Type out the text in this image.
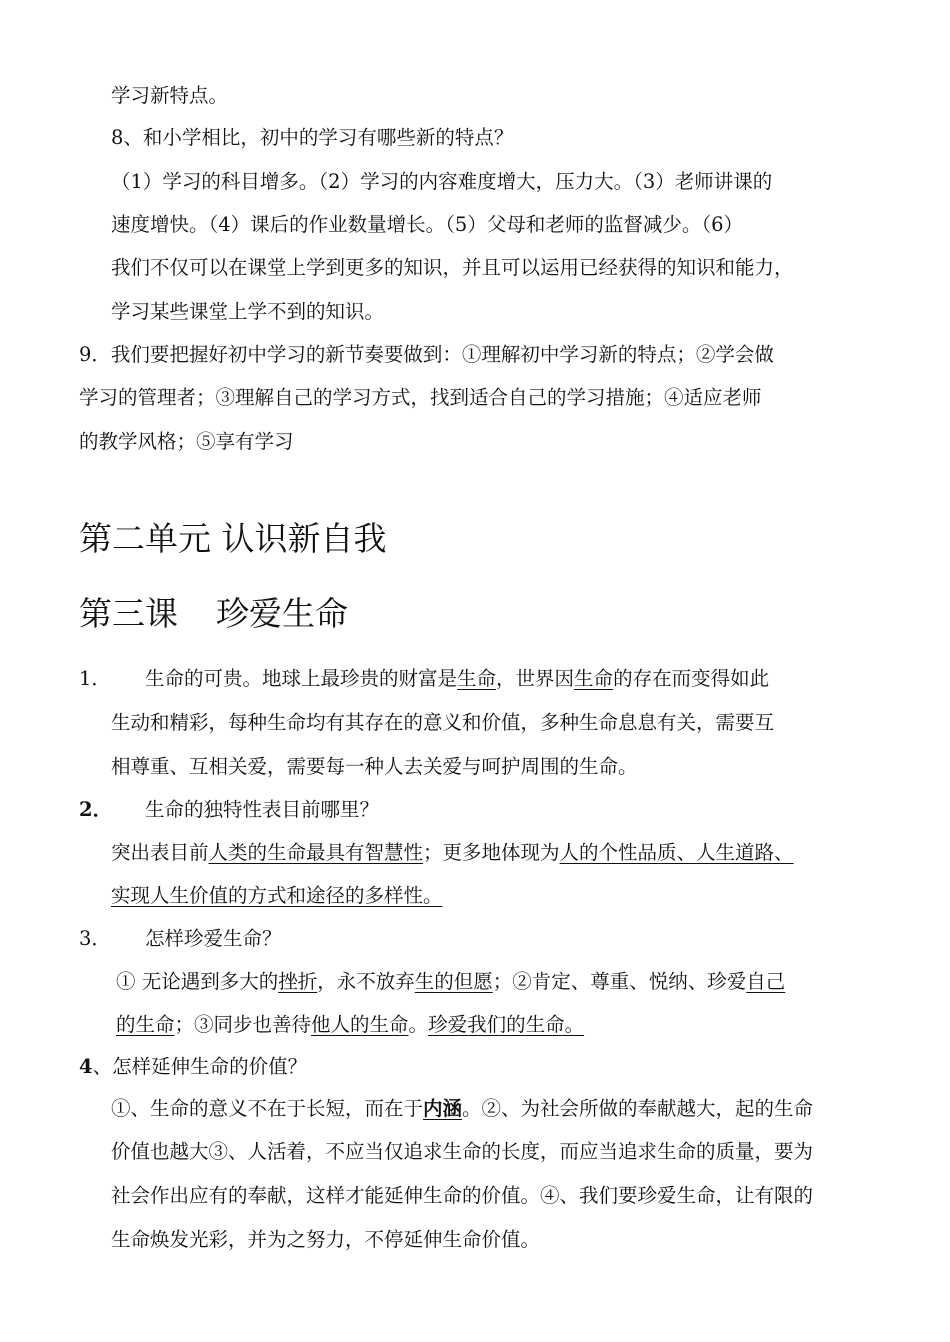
学习新特点。
8、和小学相比，初中的学习有哪些新的特点？
（1）学习的科目增多。（2）学习的内容难度增大，压力大。（3）老师讲课的
速度增快。（4）课后的作业数量增长。（5）父母和老师的监督减少。（6）
我们不仅可以在课堂上学到更多的知识，并且可以运用已经获得的知识和能力，
学习某些课堂上学不到的知识。
9．我们要把握好初中学习的新节奏要做到：①理解初中学习新的特点；②学会做
学习的管理者；③理解自己的学习方式，找到适合自己的学习措施；④适应老师
的教学风格；⑤享有学习
第二单元 认识新自我
第三课 珍爱生命
1． 生命的可贵。地球上最珍贵的财富是生命，世界因生命的存在而变得如此
生动和精彩，每种生命均有其存在的意义和价值，多种生命息息有关，需要互
相尊重、互相关爱，需要每一种人去关爱与呵护周围的生命。
2． 生命的独特性表目前哪里？
突出表目前人类的生命最具有智慧性；更多地体现为人的个性品质、人生道路、
实现人生价值的方式和途径的多样性。
3． 怎样珍爱生命？
① 无论遇到多大的挫折，永不放弃生的但愿；②肯定、尊重、悦纳、珍爱自己
的生命；③同步也善待他人的生命。珍爱我们的生命。
4、怎样延伸生命的价值？
①、生命的意义不在于长短，而在于内涵。②、为社会所做的奉献越大，起的生命
价值也越大③、人活着，不应当仅追求生命的长度，而应当追求生命的质量，要为
社会作出应有的奉献，这样才能延伸生命的价值。④、我们要珍爱生命，让有限的
生命焕发光彩，并为之努力，不停延伸生命价值。
